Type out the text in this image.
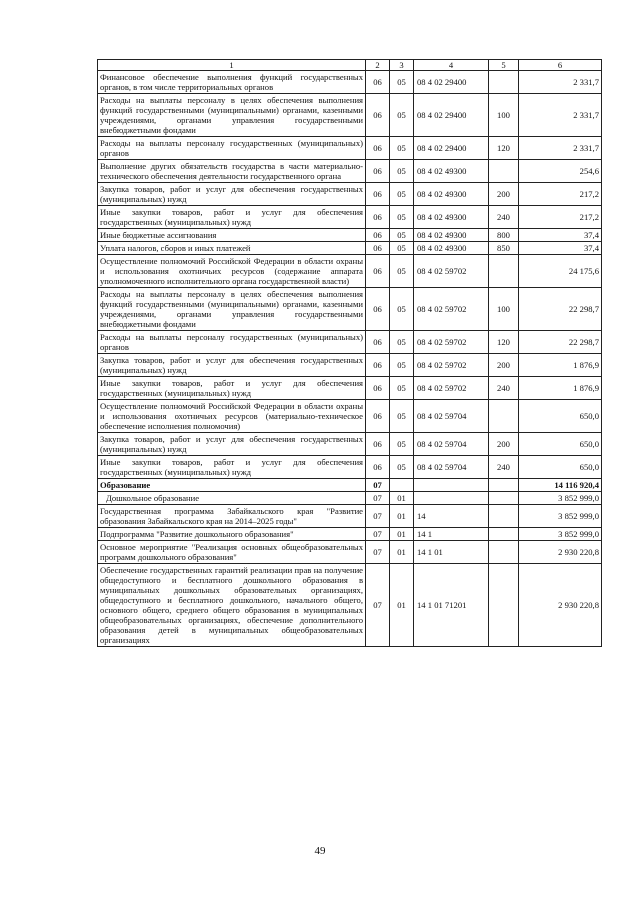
1	2	3	4	5	6
Финансовое обеспечение выполнения функций государственных органов, в том числе территориальных органов	06	05	08 4 02 29400		2 331,7
Расходы на выплаты персоналу в целях обеспечения выполнения функций государственными (муниципальными) органами, казенными учреждениями, органами управления государственными внебюджетными фондами	06	05	08 4 02 29400	100	2 331,7
Расходы на выплаты персоналу государственных (муниципальных) органов	06	05	08 4 02 29400	120	2 331,7
Выполнение других обязательств государства в части материально-технического обеспечения деятельности государственного органа	06	05	08 4 02 49300		254,6
Закупка товаров, работ и услуг для обеспечения государственных (муниципальных) нужд	06	05	08 4 02 49300	200	217,2
Иные закупки товаров, работ и услуг для обеспечения государственных (муниципальных) нужд	06	05	08 4 02 49300	240	217,2
Иные бюджетные ассигнования	06	05	08 4 02 49300	800	37,4
Уплата налогов, сборов и иных платежей	06	05	08 4 02 49300	850	37,4
Осуществление полномочий Российской Федерации в области охраны и использования охотничьих ресурсов (содержание аппарата уполномоченного исполнительного органа государственной власти)	06	05	08 4 02 59702		24 175,6
Расходы на выплаты персоналу в целях обеспечения выполнения функций государственными (муниципальными) органами, казенными учреждениями, органами управления государственными внебюджетными фондами	06	05	08 4 02 59702	100	22 298,7
Расходы на выплаты персоналу государственных (муниципальных) органов	06	05	08 4 02 59702	120	22 298,7
Закупка товаров, работ и услуг для обеспечения государственных (муниципальных) нужд	06	05	08 4 02 59702	200	1 876,9
Иные закупки товаров, работ и услуг для обеспечения государственных (муниципальных) нужд	06	05	08 4 02 59702	240	1 876,9
Осуществление полномочий Российской Федерации в области охраны и использования охотничьих ресурсов (материально-техническое обеспечение исполнения полномочия)	06	05	08 4 02 59704		650,0
Закупка товаров, работ и услуг для обеспечения государственных (муниципальных) нужд	06	05	08 4 02 59704	200	650,0
Иные закупки товаров, работ и услуг для обеспечения государственных (муниципальных) нужд	06	05	08 4 02 59704	240	650,0
Образование	07				14 116 920,4
Дошкольное образование	07	01			3 852 999,0
Государственная программа Забайкальского края "Развитие образования Забайкальского края на 2014–2025 годы"	07	01	14		3 852 999,0
Подпрограмма "Развитие дошкольного образования"	07	01	14 1		3 852 999,0
Основное мероприятие "Реализация основных общеобразовательных программ дошкольного образования"	07	01	14 1 01		2 930 220,8
Обеспечение государственных гарантий реализации прав на получение общедоступного и бесплатного дошкольного образования в муниципальных дошкольных образовательных организациях, общедоступного и бесплатного дошкольного, начального общего, основного общего, среднего общего образования в муниципальных общеобразовательных организациях, обеспечение дополнительного образования детей в муниципальных общеобразовательных организациях	07	01	14 1 01 71201		2 930 220,8
49
